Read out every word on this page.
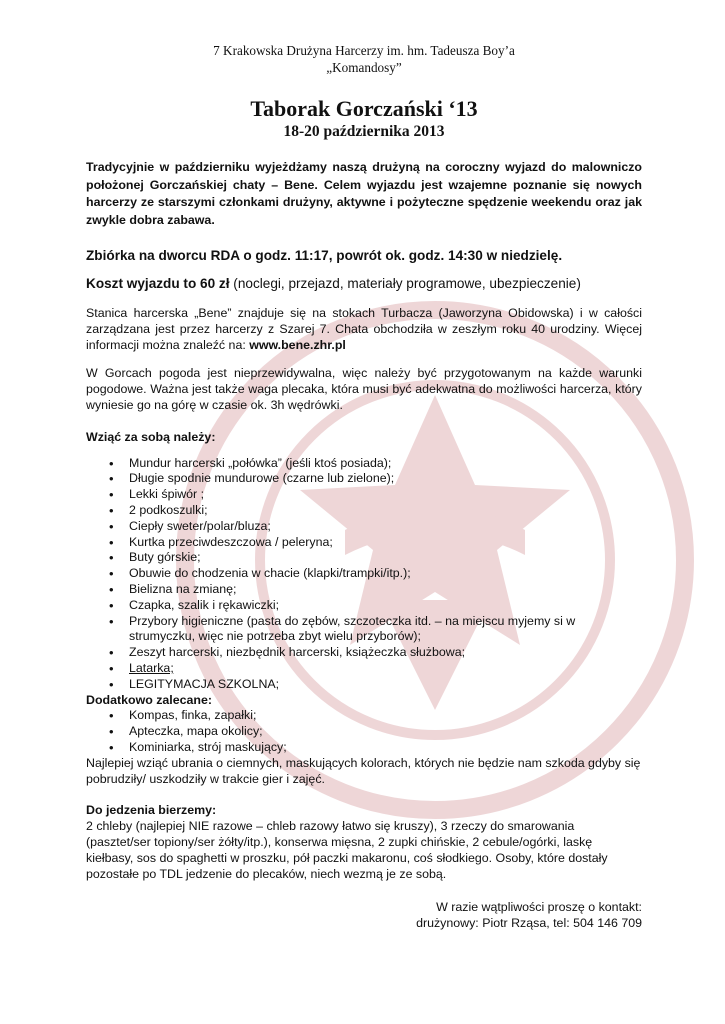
7 Krakowska Drużyna Harcerzy im. hm. Tadeusza Boy’a
„Komandosy”
Taborak Gorczański ‘13
18-20 października 2013

Tradycyjnie w październiku wyjeżdżamy naszą drużyną na coroczny wyjazd do malowniczo położonej Gorczańskiej chaty – Bene. Celem wyjazdu jest wzajemne poznanie się nowych harcerzy ze starszymi członkami drużyny, aktywne i pożyteczne spędzenie weekendu oraz jak zwykle dobra zabawa.

Zbiórka na dworcu RDA o godz. 11:17, powrót ok. godz. 14:30 w niedzielę.

Koszt wyjazdu to 60 zł (noclegi, przejazd, materiały programowe, ubezpieczenie)

Stanica harcerska „Bene” znajduje się na stokach Turbacza (Jaworzyna Obidowska) i w całości zarządzana jest przez harcerzy z Szarej 7. Chata obchodziła w zeszłym roku 40 urodziny. Więcej informacji można znaleźć na: www.bene.zhr.pl

W Gorcach pogoda jest nieprzewidywalna, więc należy być przygotowanym na każde warunki pogodowe. Ważna jest także waga plecaka, która musi być adekwatna do możliwości harcerza, który wyniesie go na górę w czasie ok. 3h wędrówki.

Wziąć za sobą należy:

• Mundur harcerski „połówka” (jeśli ktoś posiada);
• Długie spodnie mundurowe (czarne lub zielone);
• Lekki śpiwór ;
• 2 podkoszulki;
• Ciepły sweter/polar/bluza;
• Kurtka przeciwdeszczowa / peleryna;
• Buty górskie;
• Obuwie do chodzenia w chacie (klapki/trampki/itp.);
• Bielizna na zmianę;
• Czapka, szalik i rękawiczki;
• Przybory higieniczne (pasta do zębów, szczoteczka itd. – na miejscu myjemy si w strumyczku, więc nie potrzeba zbyt wielu przyborów);
• Zeszyt harcerski, niezbędnik harcerski, książeczka służbowa;
• Latarka;
• LEGITYMACJA SZKOLNA;

Dodatkowo zalecane:

• Kompas, finka, zapałki;
• Apteczka, mapa okolicy;
• Kominiarka, strój maskujący;

Najlepiej wziąć ubrania o ciemnych, maskujących kolorach, których nie będzie nam szkoda gdyby się pobrudziły/ uszkodziły w trakcie gier i zajęć.

Do jedzenia bierzemy:

2 chleby (najlepiej NIE razowe – chleb razowy łatwo się kruszy), 3 rzeczy do smarowania (pasztet/ser topiony/ser żółty/itp.), konserwa mięsna, 2 zupki chińskie, 2 cebule/ogórki, laskę kiełbasy, sos do spaghetti w proszku, pół paczki makaronu, coś słodkiego. Osoby, które dostały pozostałe po TDL jedzenie do plecaków, niech wezmą je ze sobą.

W razie wątpliwości proszę o kontakt:
drużynowy: Piotr Rząsa, tel: 504 146 709
